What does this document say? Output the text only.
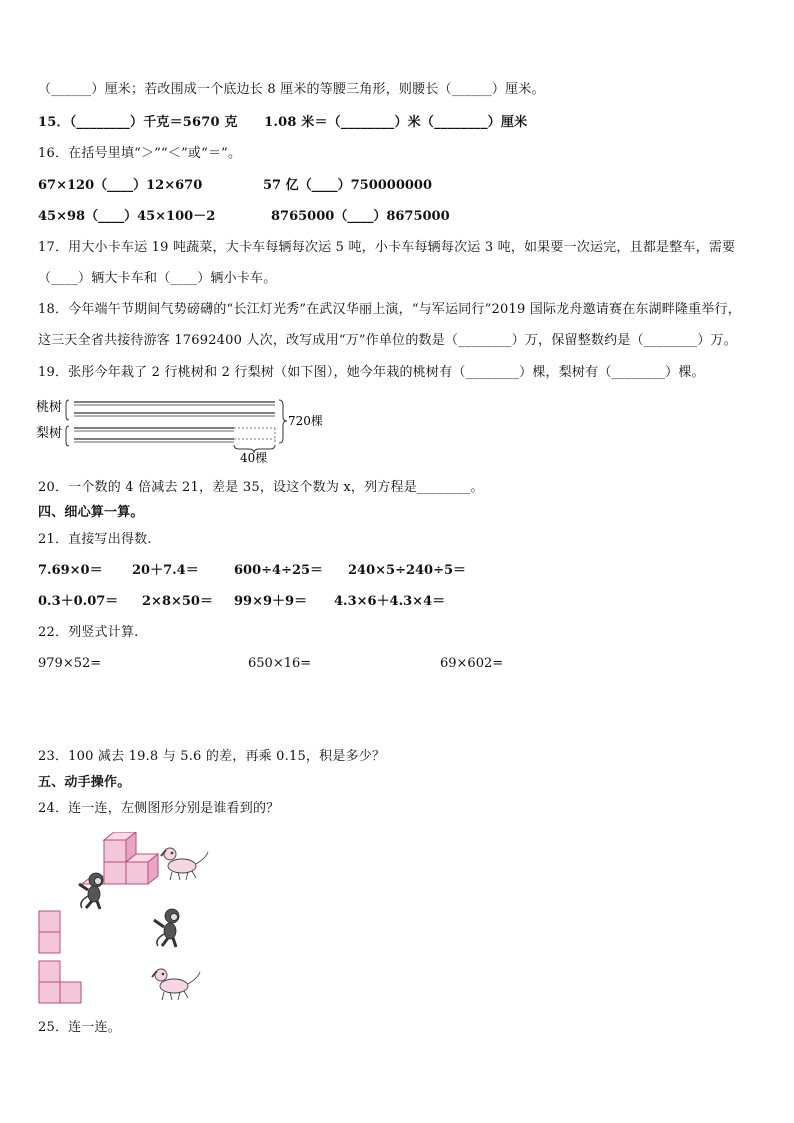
（______）厘米；若改围成一个底边长 8 厘米的等腰三角形，则腰长（______）厘米。
15．（________）千克＝5670 克　　1.08 米＝（________）米（________）厘米
16．在括号里填“＞”“＜”或“＝”。
67×120（____）12×670	57 亿（____）750000000
45×98（____）45×100－2	8765000（____）8675000
17．用大小卡车运 19 吨蔬菜，大卡车每辆每次运 5 吨，小卡车每辆每次运 3 吨，如果要一次运完，且都是整车，需要
（____）辆大卡车和（____）辆小卡车。
18．今年端午节期间气势磅礴的“长江灯光秀”在武汉华丽上演，“与军运同行”2019 国际龙舟邀请赛在东湖畔隆重举行，
这三天全省共接待游客 17692400 人次，改写成用“万”作单位的数是（________）万，保留整数约是（________）万。
19．张彤今年栽了 2 行桃树和 2 行梨树（如下图），她今年栽的桃树有（________）棵，梨树有（________）棵。
桃树
梨树
720棵
40棵
20．一个数的 4 倍减去 21，差是 35，设这个数为 x，列方程是________。
四、细心算一算。
21．直接写出得数.
7.69×0＝ 20＋7.4＝	600÷4÷25＝ 240×5÷240÷5＝
0.3＋0.07＝ 2×8×50＝ 99×9＋9＝ 4.3×6＋4.3×4＝
22．列竖式计算.
979×52=	650×16=	69×602=
23．100 减去 19.8 与 5.6 的差，再乘 0.15，积是多少？
五、动手操作。
24．连一连，左侧图形分别是谁看到的？
25．连一连。
